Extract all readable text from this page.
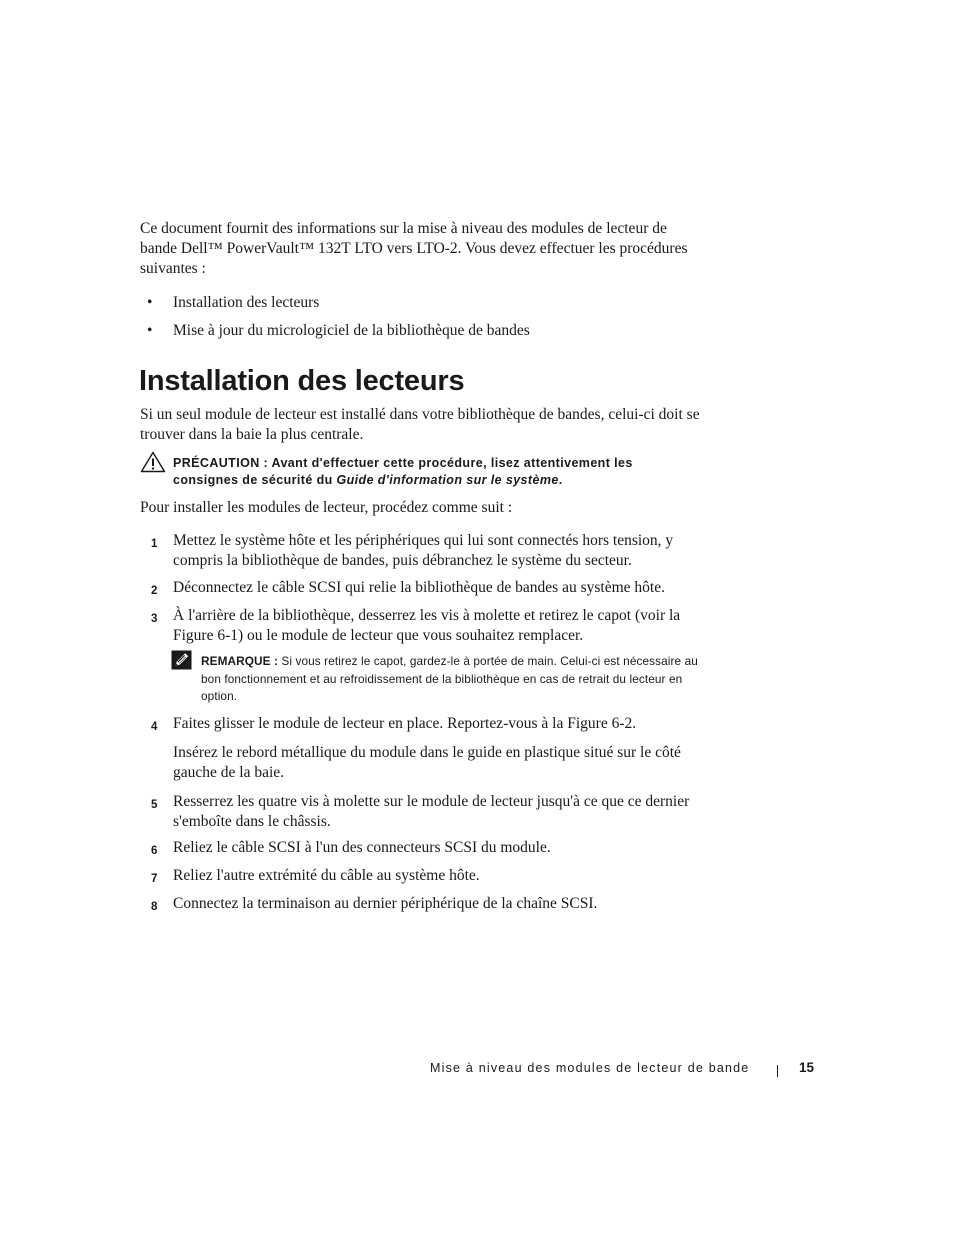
Ce document fournit des informations sur la mise à niveau des modules de lecteur de

bande Dell™ PowerVault™ 132T LTO vers LTO-2. Vous devez effectuer les procédures

suivantes :

• Installation des lecteurs
• Mise à jour du micrologiciel de la bibliothèque de bandes
Installation des lecteurs

Si un seul module de lecteur est installé dans votre bibliothèque de bandes, celui-ci doit se

trouver dans la baie la plus centrale.

PRÉCAUTION : Avant d'effectuer cette procédure, lisez attentivement les
consignes de sécurité du Guide d'information sur le système.
Pour installer les modules de lecteur, procédez comme suit :
1 Mettez le système hôte et les périphériques qui lui sont connectés hors tension, y

compris la bibliothèque de bandes, puis débranchez le système du secteur.

2 Déconnectez le câble SCSI qui relie la bibliothèque de bandes au système hôte.

3 À l'arrière de la bibliothèque, desserrez les vis à molette et retirez le capot (voir la

Figure 6-1) ou le module de lecteur que vous souhaitez remplacer.

REMARQUE : Si vous retirez le capot, gardez-le à portée de main. Celui-ci est nécessaire au
bon fonctionnement et au refroidissement de la bibliothèque en cas de retrait du lecteur en
option.
4 Faites glisser le module de lecteur en place. Reportez-vous à la Figure 6-2.

Insérez le rebord métallique du module dans le guide en plastique situé sur le côté

gauche de la baie.

5 Resserrez les quatre vis à molette sur le module de lecteur jusqu'à ce que ce dernier

s'emboîte dans le châssis.

6 Reliez le câble SCSI à l'un des connecteurs SCSI du module.

7 Reliez l'autre extrémité du câble au système hôte.

8 Connectez la terminaison au dernier périphérique de la chaîne SCSI.

Mise à niveau des modules de lecteur de bande	15
